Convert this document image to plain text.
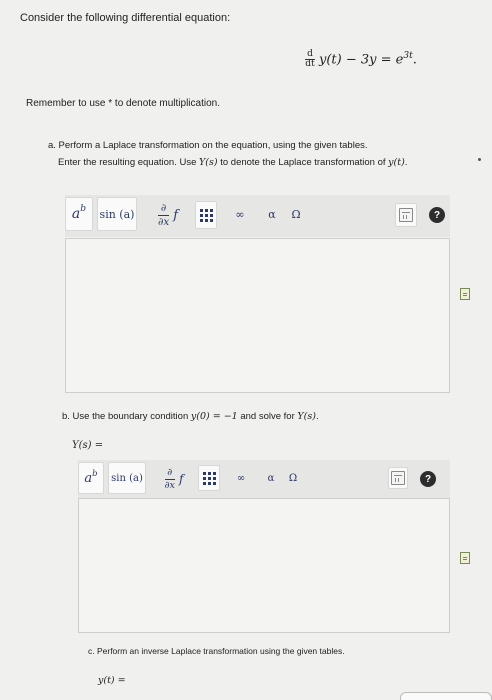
Consider the following differential equation:
$\frac{d}{dt} y(t) - 3y = e^{3t}$.
Remember to use * to denote multiplication.
a. Perform a Laplace transformation on the equation, using the given tables.
Enter the resulting equation. Use Y(s) to denote the Laplace transformation of y(t).
a b sin (a)	∂
∂x f	∞ α Ω	?
b. Use the boundary condition y(0) = −1 and solve for Y(s).
Y(s) =
a b sin (a)
∂
∂x f	∞ α Ω	?
c. Perform an inverse Laplace transformation using the given tables.
y(t) =
